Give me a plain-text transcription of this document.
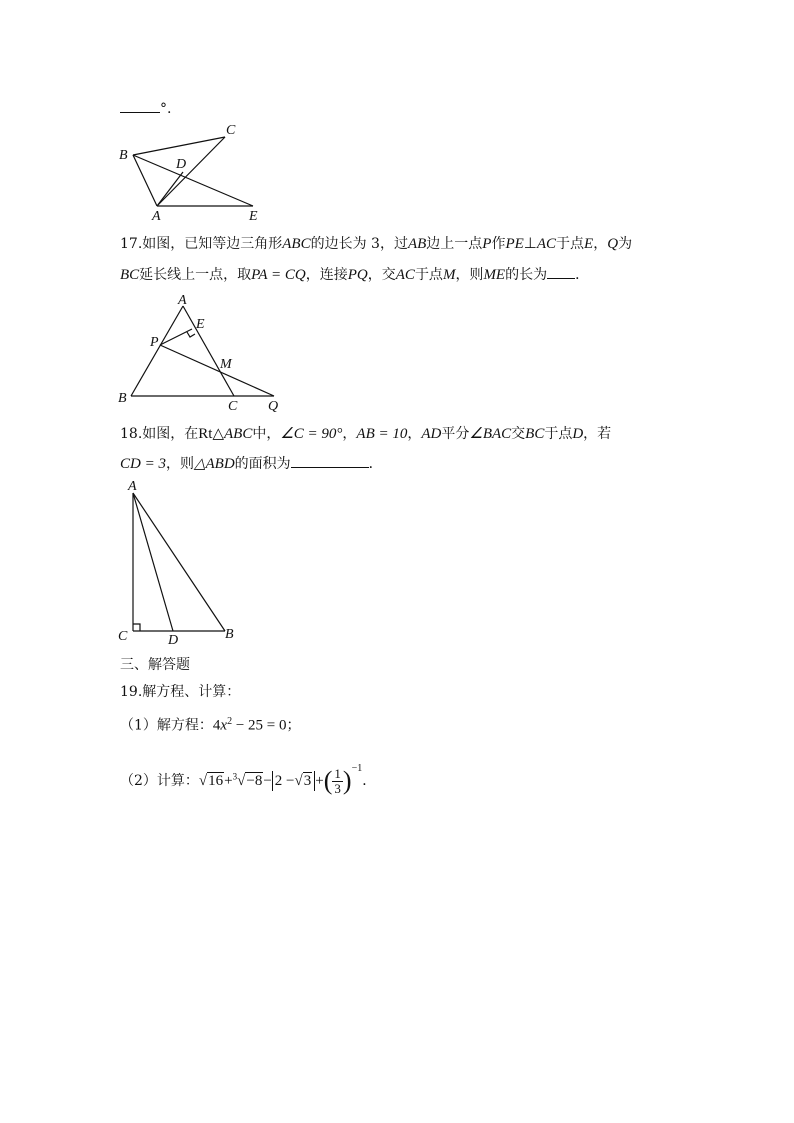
°.
B
C
D
A	E
17.如图，已知等边三角形ABC的边长为 3，过AB边上一点P作PE⊥AC于点E，Q为
BC延长线上一点，取PA = CQ，连接PQ，交AC于点M，则ME的长为 ．
A
E
P
M
B
C Q
18.如图，在Rt△ABC中，∠C = 90°，AB = 10，AD平分∠BAC交BC于点D，若
CD = 3，则△ABD的面积为	．
A
C	D	B
三、解答题
19.解方程、计算：
（1）解方程：$4x^2 - 25 = 0$；
（2）计算：√16+$^3$√−8− 2 −√3 +( $\frac{1}{3} )^{-1}$．
